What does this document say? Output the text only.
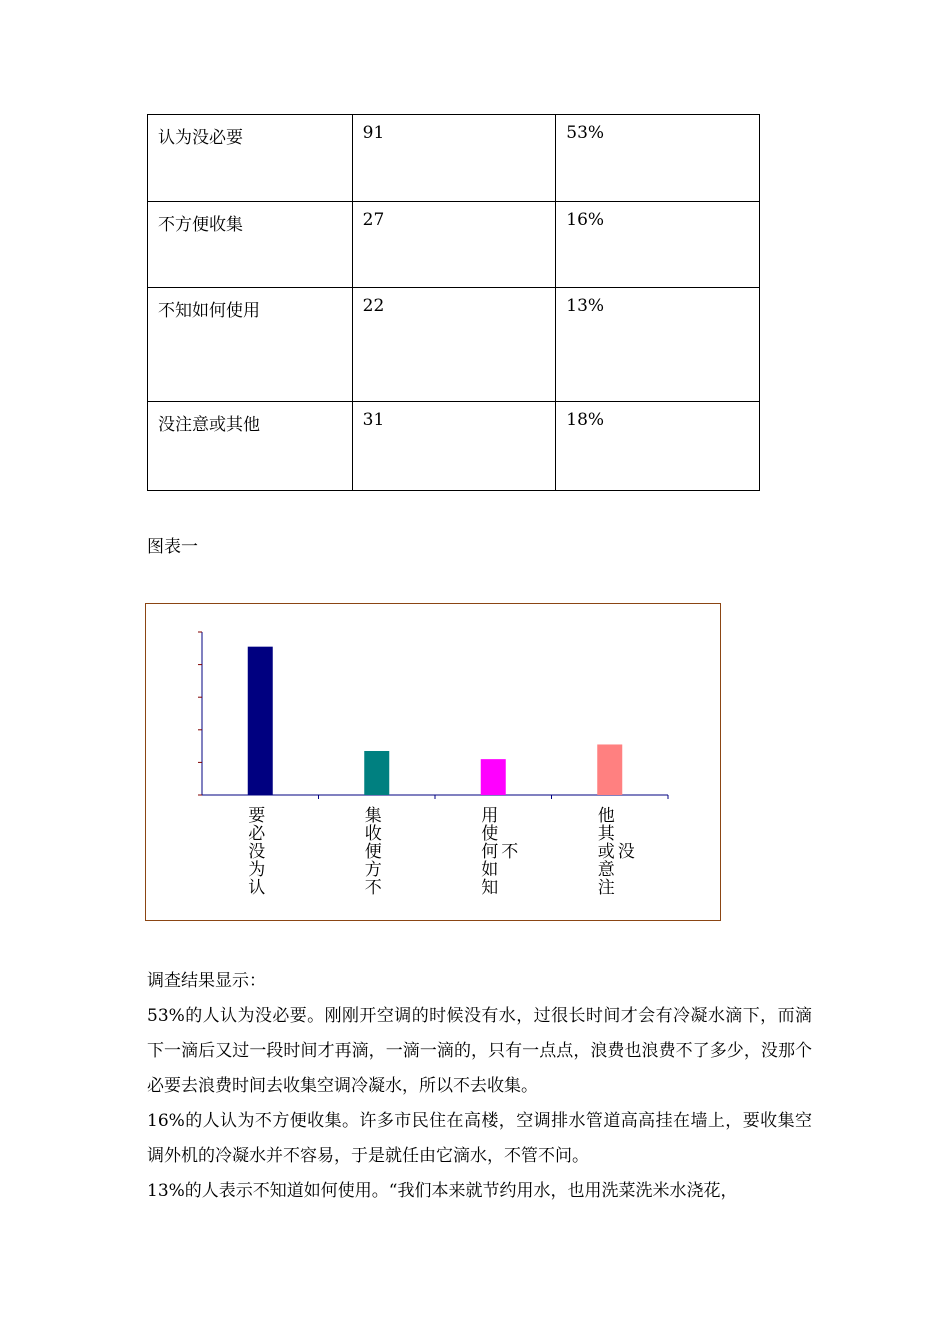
认为没必要	91	53%
不方便收集	27	16%
不知如何使用	22	13%
没注意或其他	31	18%
图表一
要必没为认
集收便方不
用使何如知不
他其或意注没

调查结果显示：

53%的人认为没必要。刚刚开空调的时候没有水，过很长时间才会有冷凝水滴下，而滴下一滴后又过一段时间才再滴，一滴一滴的，只有一点点，浪费也浪费不了多少，没那个必要去浪费时间去收集空调冷凝水，所以不去收集。

16%的人认为不方便收集。许多市民住在高楼，空调排水管道高高挂在墙上，要收集空调外机的冷凝水并不容易，于是就任由它滴水，不管不问。

13%的人表示不知道如何使用。“我们本来就节约用水，也用洗菜洗米水浇花，
